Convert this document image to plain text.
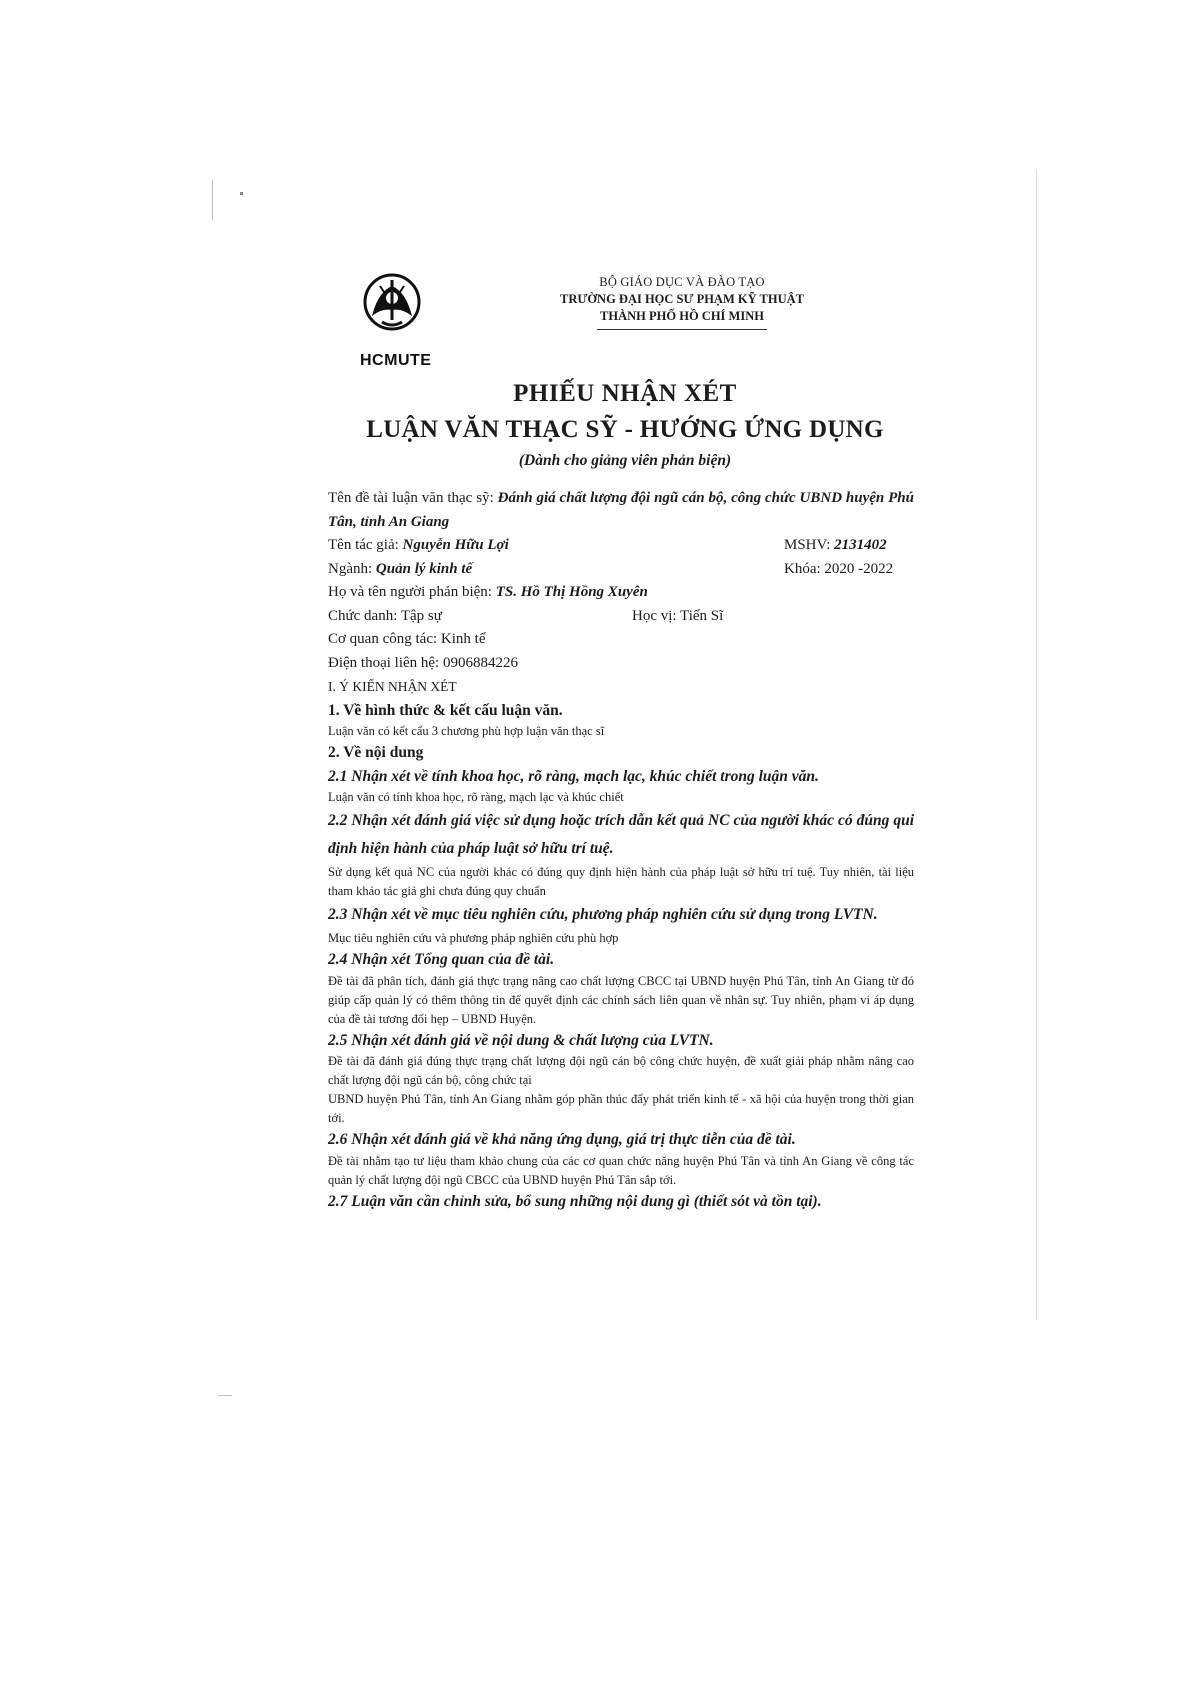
HCMUTE
BỘ GIÁO DỤC VÀ ĐÀO TẠO
TRƯỜNG ĐẠI HỌC SƯ PHẠM KỸ THUẬT
THÀNH PHỐ HỒ CHÍ MINH
PHIẾU NHẬN XÉT
LUẬN VĂN THẠC SỸ - HƯỚNG ỨNG DỤNG
(Dành cho giảng viên phản biện)

Tên đề tài luận văn thạc sỹ: Đánh giá chất lượng đội ngũ cán bộ, công chức UBND huyện Phú Tân, tỉnh An Giang

Tên tác giả: Nguyễn Hữu Lợi	MSHV: 2131402
Ngành: Quản lý kinh tế	Khóa: 2020 -2022

Họ và tên người phản biện: TS. Hồ Thị Hồng Xuyên

Chức danh: Tập sự	Học vị: Tiến Sĩ

Cơ quan công tác: Kinh tế

Điện thoại liên hệ: 0906884226

I. Ý KIẾN NHẬN XÉT

1. Về hình thức & kết cấu luận văn.

Luận văn có kết cấu 3 chương phù hợp luận văn thạc sĩ

2. Về nội dung

2.1 Nhận xét về tính khoa học, rõ ràng, mạch lạc, khúc chiết trong luận văn.

Luận văn có tính khoa học, rõ ràng, mạch lạc và khúc chiết

2.2 Nhận xét đánh giá việc sử dụng hoặc trích dẫn kết quả NC của người khác có đúng qui định hiện hành của pháp luật sở hữu trí tuệ.

Sử dụng kết quả NC của người khác có đúng quy định hiện hành của pháp luật sở hữu trí tuệ. Tuy nhiên, tài liệu tham khảo tác giả ghi chưa đúng quy chuẩn

2.3 Nhận xét về mục tiêu nghiên cứu, phương pháp nghiên cứu sử dụng trong LVTN.

Mục tiêu nghiên cứu và phương pháp nghiên cứu phù hợp

2.4 Nhận xét Tổng quan của đề tài.

Đề tài đã phân tích, đánh giá thực trạng nâng cao chất lượng CBCC tại UBND huyện Phú Tân, tỉnh An Giang từ đó giúp cấp quản lý có thêm thông tin để quyết định các chính sách liên quan về nhân sự. Tuy nhiên, phạm vi áp dụng của đề tài tương đối hẹp – UBND Huyện.

2.5 Nhận xét đánh giá về nội dung & chất lượng của LVTN.

Đề tài đã đánh giá đúng thực trạng chất lượng đội ngũ cán bộ công chức huyện, đề xuất giải pháp nhằm nâng cao chất lượng đội ngũ cán bộ, công chức tại

UBND huyện Phú Tân, tỉnh An Giang nhằm góp phần thúc đẩy phát triển kinh tế - xã hội của huyện trong thời gian tới.

2.6 Nhận xét đánh giá về khả năng ứng dụng, giá trị thực tiễn của đề tài.

Đề tài nhằm tạo tư liệu tham khảo chung của các cơ quan chức năng huyện Phú Tân và tỉnh An Giang về công tác quản lý chất lượng đội ngũ CBCC của UBND huyện Phú Tân sắp tới.

2.7 Luận văn cần chỉnh sửa, bổ sung những nội dung gì (thiết sót và tồn tại).
